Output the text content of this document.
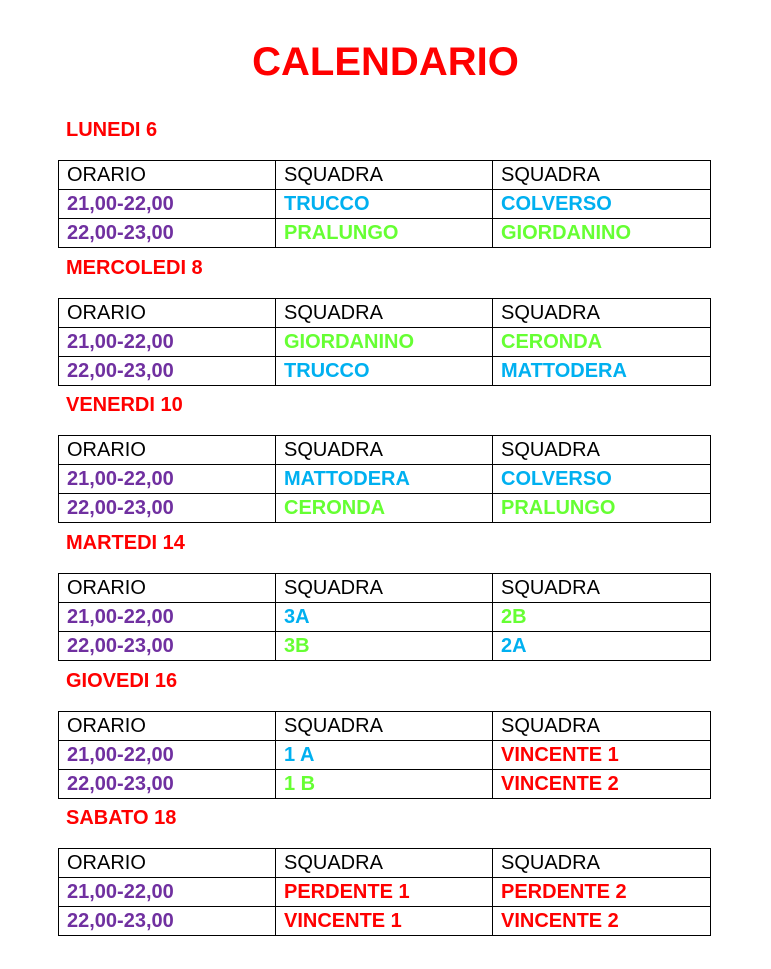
CALENDARIO
LUNEDI 6
ORARIO	SQUADRA	SQUADRA
21,00-22,00	TRUCCO	COLVERSO
22,00-23,00	PRALUNGO	GIORDANINO
MERCOLEDI 8
ORARIO	SQUADRA	SQUADRA
21,00-22,00	GIORDANINO	CERONDA
22,00-23,00	TRUCCO	MATTODERA
VENERDI 10
ORARIO	SQUADRA	SQUADRA
21,00-22,00	MATTODERA	COLVERSO
22,00-23,00	CERONDA	PRALUNGO
MARTEDI 14
ORARIO	SQUADRA	SQUADRA
21,00-22,00	3A	2B
22,00-23,00	3B	2A
GIOVEDI 16
ORARIO	SQUADRA	SQUADRA
21,00-22,00	1 A	VINCENTE 1
22,00-23,00	1 B	VINCENTE 2
SABATO 18
ORARIO	SQUADRA	SQUADRA
21,00-22,00	PERDENTE 1	PERDENTE 2
22,00-23,00	VINCENTE 1	VINCENTE 2
